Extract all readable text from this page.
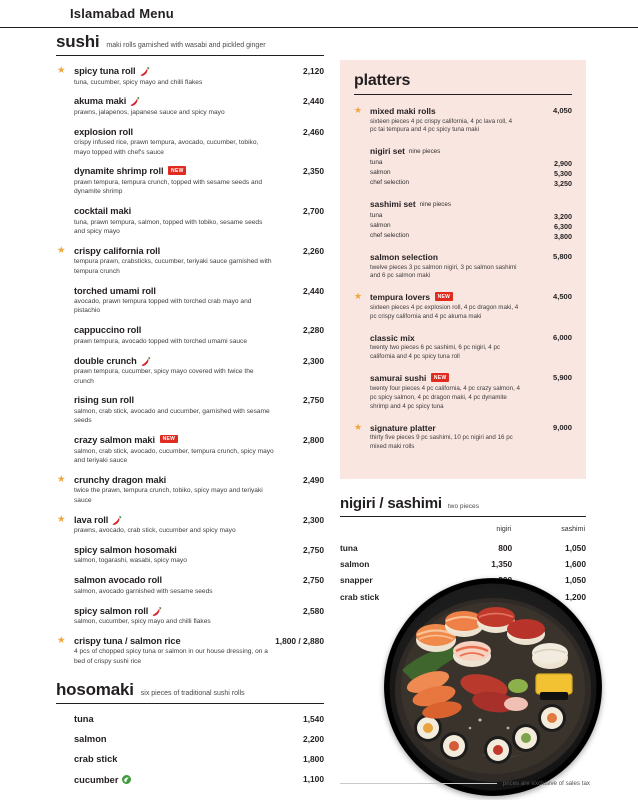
Islamabad Menu
sushi maki rolls garnished with wasabi and pickled ginger
★ spicy tuna roll
tuna, cucumber, spicy mayo and chilli flakes
2,120
akuma maki
prawns, jalapenos, japanese sauce and spicy mayo
2,440
explosion roll
crispy infused rice, prawn tempura, avocado, cucumber, tobiko, mayo topped with chef's sauce
2,460
dynamite shrimp roll	NEW
prawn tempura, tempura crunch, topped with sesame seeds and dynamite shrimp
2,350
cocktail maki
tuna, prawn tempura, salmon, topped with tobiko, sesame seeds and spicy mayo
2,700
★ crispy california roll
tempura prawn, crabsticks, cucumber, teriyaki sauce garnished with tempura crunch
2,260
torched umami roll
avocado, prawn tempura topped with torched crab mayo and pistachio
2,440
cappuccino roll
prawn tempura, avocado topped with torched umami sauce
2,280
double crunch
prawn tempura, cucumber, spicy mayo covered with twice the crunch
2,300
rising sun roll
salmon, crab stick, avocado and cucumber, garnished with sesame seeds
2,750
crazy salmon maki	NEW
salmon, crab stick, avocado, cucumber, tempura crunch, spicy mayo and teriyaki sauce
2,800
★ crunchy dragon maki
twice the prawn, tempura crunch, tobiko, spicy mayo and teriyaki sauce
2,490
★ lava roll
prawns, avocado, crab stick, cucumber and spicy mayo
2,300
spicy salmon hosomaki
salmon, togarashi, wasabi, spicy mayo
2,750
salmon avocado roll
salmon, avocado garnished with sesame seeds
2,750
spicy salmon roll
salmon, cucumber, spicy mayo and chilli flakes
2,580
★ crispy tuna / salmon rice
4 pcs of chopped spicy tuna or salmon in our house dressing, on a bed of crispy sushi rice
1,800 / 2,880
hosomaki six pieces of traditional sushi rolls
tuna	1,540
salmon	2,200
crab stick	1,800
cucumber	1,100
platters
★ mixed maki rolls
sixteen pieces 4 pc crispy california, 4 pc lava roll, 4 pc tai tempura and 4 pc spicy tuna maki
4,050
nigiri set nine pieces
tuna	2,900
salmon	5,300
chef selection	3,250
sashimi set nine pieces
tuna	3,200
salmon	6,300
chef selection	3,800
salmon selection
twelve pieces 3 pc salmon nigiri, 3 pc salmon sashimi and 6 pc salmon maki
5,800
★ tempura lovers	NEW
sixteen pieces 4 pc explosion roll, 4 pc dragon maki, 4 pc crispy california and 4 pc akuma maki
4,500
classic mix
twenty two pieces 6 pc sashimi, 6 pc nigiri, 4 pc california and 4 pc spicy tuna roll
6,000
samurai sushi	NEW
twenty four pieces 4 pc california, 4 pc crazy salmon, 4 pc spicy salmon, 4 pc dragon maki, 4 pc dynamite shrimp and 4 pc spicy tuna
5,900
★ signature platter
thirty five pieces 9 pc sashimi, 10 pc nigiri and 16 pc mixed maki rolls
9,000
nigiri / sashimi two pieces
	nigiri	sashimi
tuna	800	1,050
salmon	1,350	1,600
snapper		1,050
crab stick		1,200
prices are exclusive of sales tax
